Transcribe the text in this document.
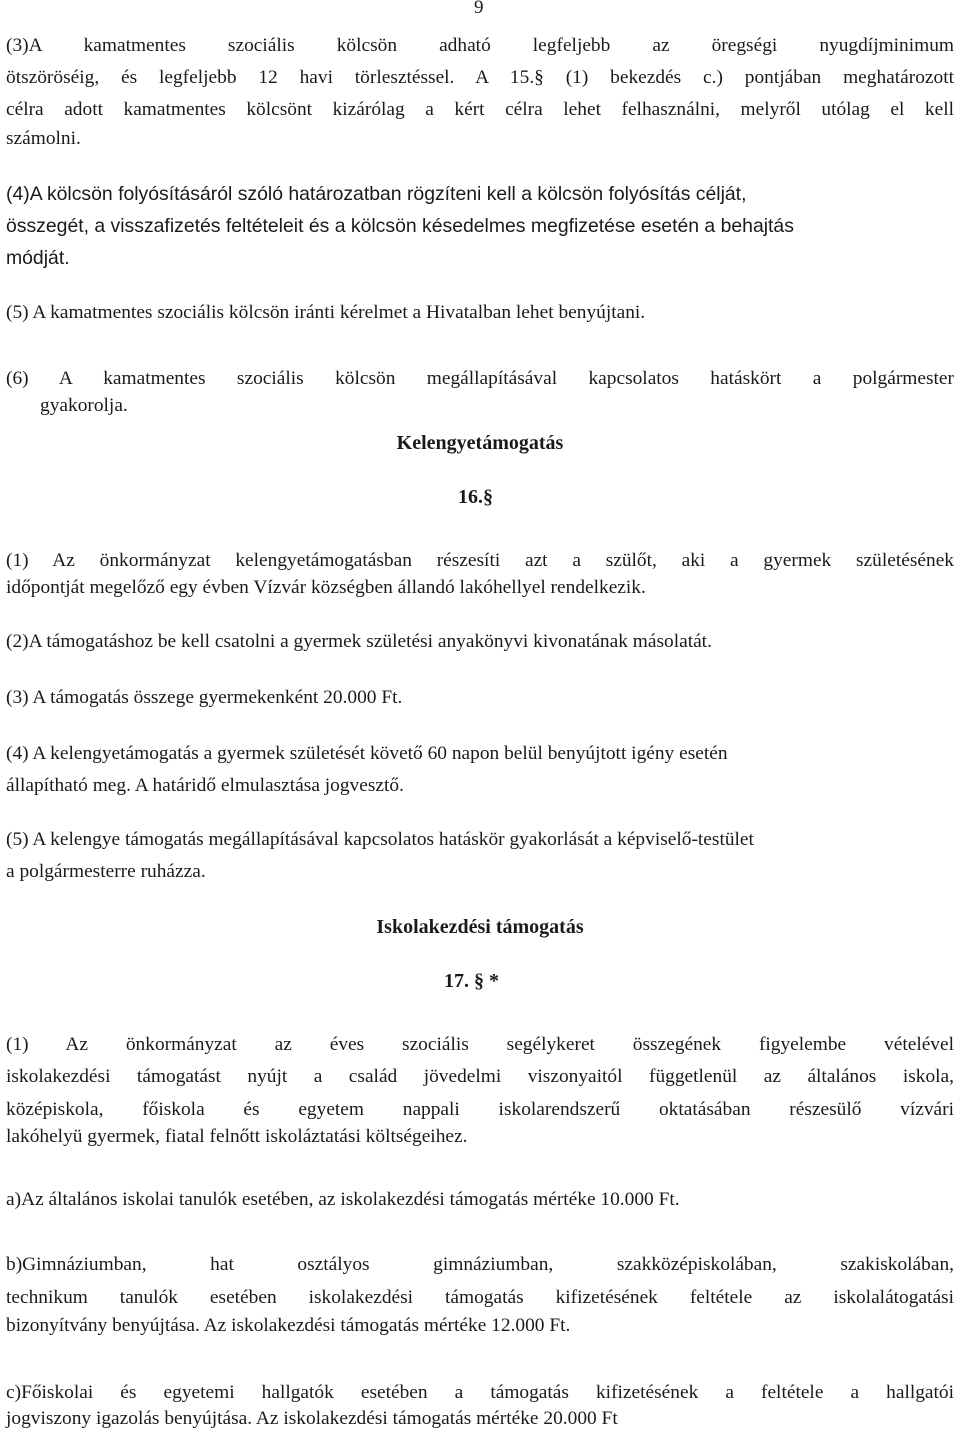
9

(3)A kamatmentes szociális kölcsön adható legfeljebb az öregségi nyugdíjminimum

ötszöröséig, és legfeljebb 12 havi törlesztéssel. A 15.§ (1) bekezdés c.) pontjában meghatározott

célra adott kamatmentes kölcsönt kizárólag a kért célra lehet felhasználni, melyről utólag el kell

számolni.

(4)A kölcsön folyósításáról szóló határozatban rögzíteni kell a kölcsön folyósítás célját,

összegét, a visszafizetés feltételeit és a kölcsön késedelmes megfizetése esetén a behajtás

módját.

(5) A kamatmentes szociális kölcsön iránti kérelmet a Hivatalban lehet benyújtani.

(6) A kamatmentes szociális kölcsön megállapításával kapcsolatos hatáskört a polgármester

gyakorolja.

Kelengyetámogatás

16.§

(1) Az önkormányzat kelengyetámogatásban részesíti azt a szülőt, aki a gyermek születésének

időpontját megelőző egy évben Vízvár községben állandó lakóhellyel rendelkezik.

(2)A támogatáshoz be kell csatolni a gyermek születési anyakönyvi kivonatának másolatát.

(3) A támogatás összege gyermekenként 20.000 Ft.

(4) A kelengyetámogatás a gyermek születését követő 60 napon belül benyújtott igény esetén

állapítható meg. A határidő elmulasztása jogvesztő.

(5) A kelengye támogatás megállapításával kapcsolatos hatáskör gyakorlását a képviselő-testület

a polgármesterre ruházza.

Iskolakezdési támogatás

17. § *

(1) Az önkormányzat az éves szociális segélykeret összegének figyelembe vételével

iskolakezdési támogatást nyújt a család jövedelmi viszonyaitól függetlenül az általános iskola,

középiskola, főiskola és egyetem nappali iskolarendszerű oktatásában részesülő vízvári

lakóhelyü gyermek, fiatal felnőtt iskoláztatási költségeihez.

a)Az általános iskolai tanulók esetében, az iskolakezdési támogatás mértéke 10.000 Ft.

b)Gimnáziumban, hat osztályos gimnáziumban, szakközépiskolában, szakiskolában,

technikum tanulók esetében iskolakezdési támogatás kifizetésének feltétele az iskolalátogatási

bizonyítvány benyújtása. Az iskolakezdési támogatás mértéke 12.000 Ft.

c)Főiskolai és egyetemi hallgatók esetében a támogatás kifizetésének a feltétele a hallgatói

jogviszony igazolás benyújtása. Az iskolakezdési támogatás mértéke 20.000 Ft
